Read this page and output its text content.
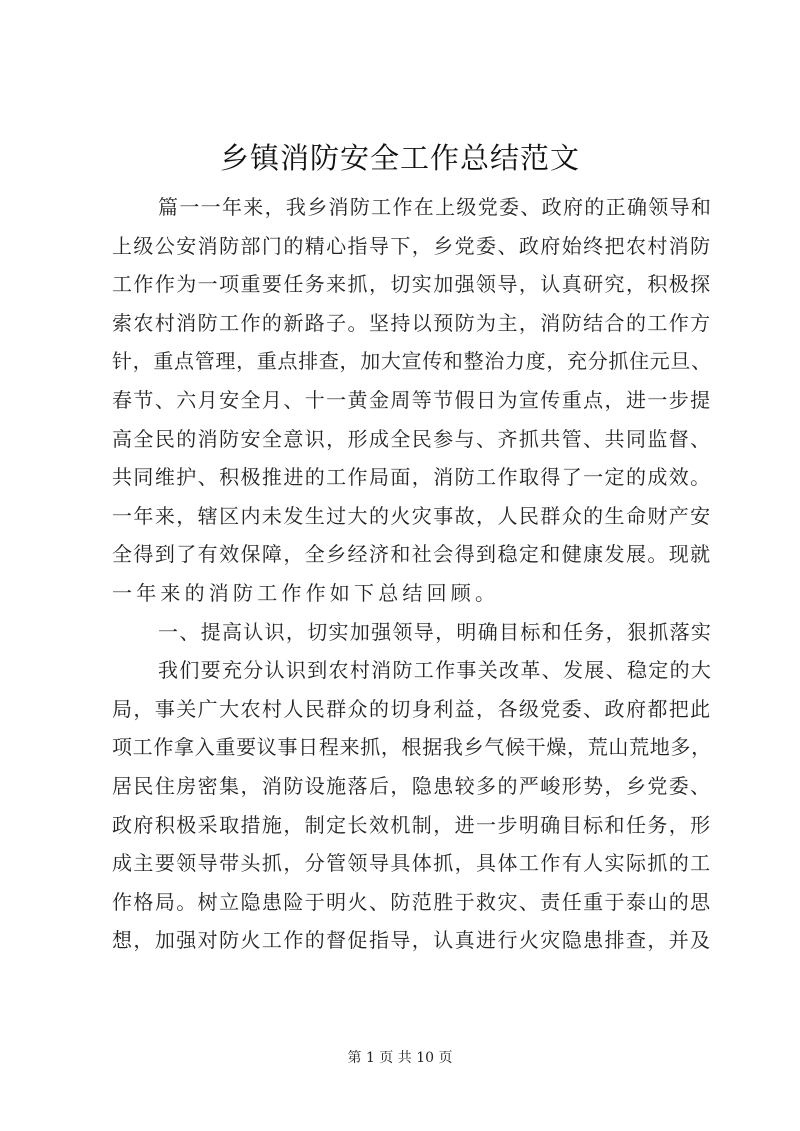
乡镇消防安全工作总结范文
篇一一年来，我乡消防工作在上级党委、政府的正确领导和
上级公安消防部门的精心指导下，乡党委、政府始终把农村消防
工作作为一项重要任务来抓，切实加强领导，认真研究，积极探
索农村消防工作的新路子。坚持以预防为主，消防结合的工作方
针，重点管理，重点排查，加大宣传和整治力度，充分抓住元旦、
春节、六月安全月、十一黄金周等节假日为宣传重点，进一步提
高全民的消防安全意识，形成全民参与、齐抓共管、共同监督、
共同维护、积极推进的工作局面，消防工作取得了一定的成效。
一年来，辖区内未发生过大的火灾事故，人民群众的生命财产安
全得到了有效保障，全乡经济和社会得到稳定和健康发展。现就
一年来的消防工作作如下总结回顾。
一、提高认识，切实加强领导，明确目标和任务，狠抓落实
我们要充分认识到农村消防工作事关改革、发展、稳定的大
局，事关广大农村人民群众的切身利益，各级党委、政府都把此
项工作拿入重要议事日程来抓，根据我乡气候干燥，荒山荒地多，
居民住房密集，消防设施落后，隐患较多的严峻形势，乡党委、
政府积极采取措施，制定长效机制，进一步明确目标和任务，形
成主要领导带头抓，分管领导具体抓，具体工作有人实际抓的工
作格局。树立隐患险于明火、防范胜于救灾、责任重于泰山的思
想，加强对防火工作的督促指导，认真进行火灾隐患排查，并及
第 1 页 共 10 页
